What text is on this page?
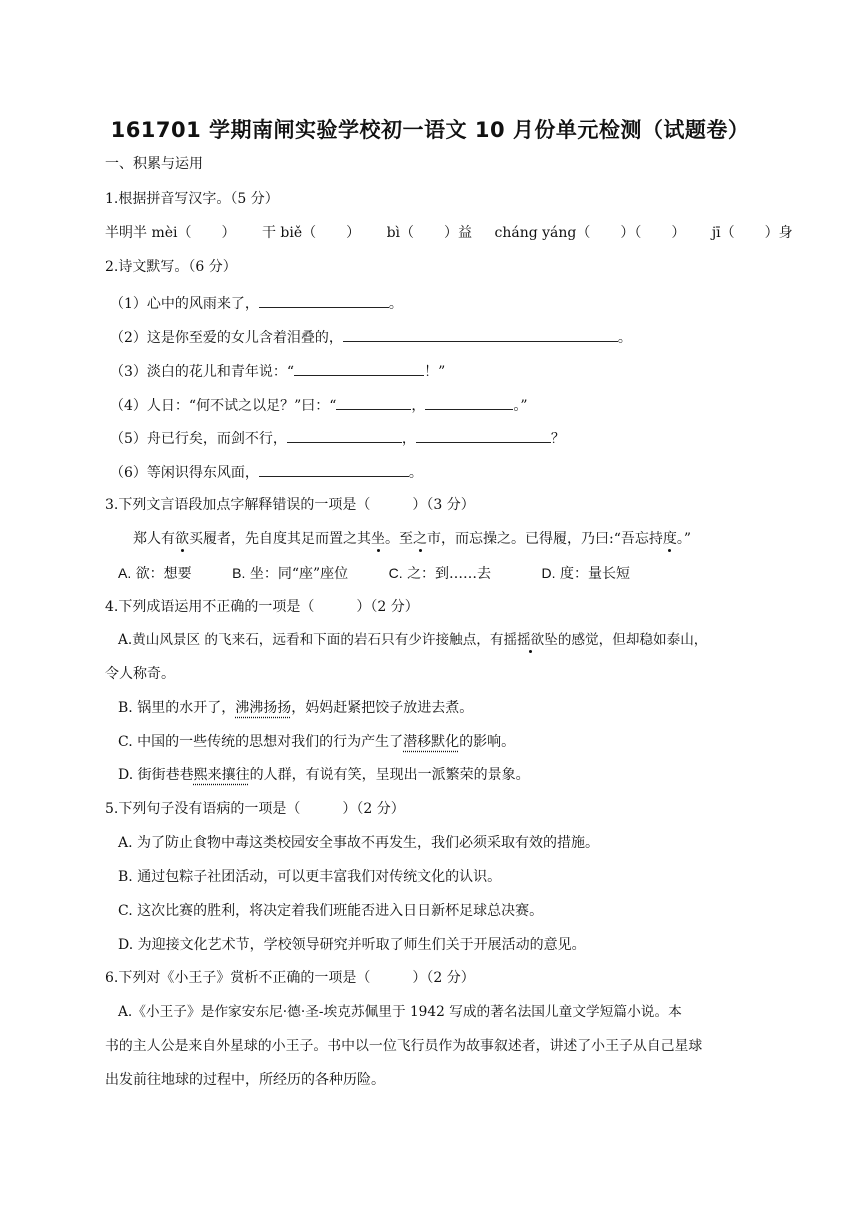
161701 学期南闸实验学校初一语文 10 月份单元检测（试题卷）
一、积累与运用
1.根据拼音写汉字。（5 分）
半明半 mèi（ ） 干 biě（ ） bì（ ）益 cháng yáng（ ）（ ） jī（ ）身
2.诗文默写。（6 分）
（1）心中的风雨来了，	。
（2）这是你至爱的女儿含着泪叠的，	。
（3）淡白的花儿和青年说：“	！”
（4）人日：“何不试之以足？”曰：“	，	。”
（5）舟已行矣，而剑不行，	，	？
（6）等闲识得东风面，	。
3.下列文言语段加点字解释错误的一项是（	）（3 分）
郑人有欲买履者，先自度其足而置之其坐。至之市，而忘操之。已得履，乃曰:“吾忘持度。”
A. 欲：想要	B. 坐：同“座”座位	C. 之：到……去	D. 度：量长短
4.下列成语运用不正确的一项是（	）（2 分）
A.黄山风景区 的飞来石，远看和下面的岩石只有少许接触点，有摇摇欲坠的感觉，但却稳如泰山，
令人称奇。
B. 锅里的水开了，沸沸扬扬，妈妈赶紧把饺子放进去煮。
C. 中国的一些传统的思想对我们的行为产生了潜移默化的影响。
D. 街街巷巷熙来攘往的人群，有说有笑，呈现出一派繁荣的景象。
5.下列句子没有语病的一项是（	）（2 分）
A. 为了防止食物中毒这类校园安全事故不再发生，我们必须采取有效的措施。
B. 通过包粽子社团活动，可以更丰富我们对传统文化的认识。
C. 这次比赛的胜利，将决定着我们班能否进入日日新杯足球总决赛。
D. 为迎接文化艺术节，学校领导研究并听取了师生们关于开展活动的意见。
6.下列对《小王子》赏析不正确的一项是（	）（2 分）
A.《小王子》是作家安东尼·德·圣-埃克苏佩里于 1942 写成的著名法国儿童文学短篇小说。本
书的主人公是来自外星球的小王子。书中以一位飞行员作为故事叙述者，讲述了小王子从自己星球
出发前往地球的过程中，所经历的各种历险。
